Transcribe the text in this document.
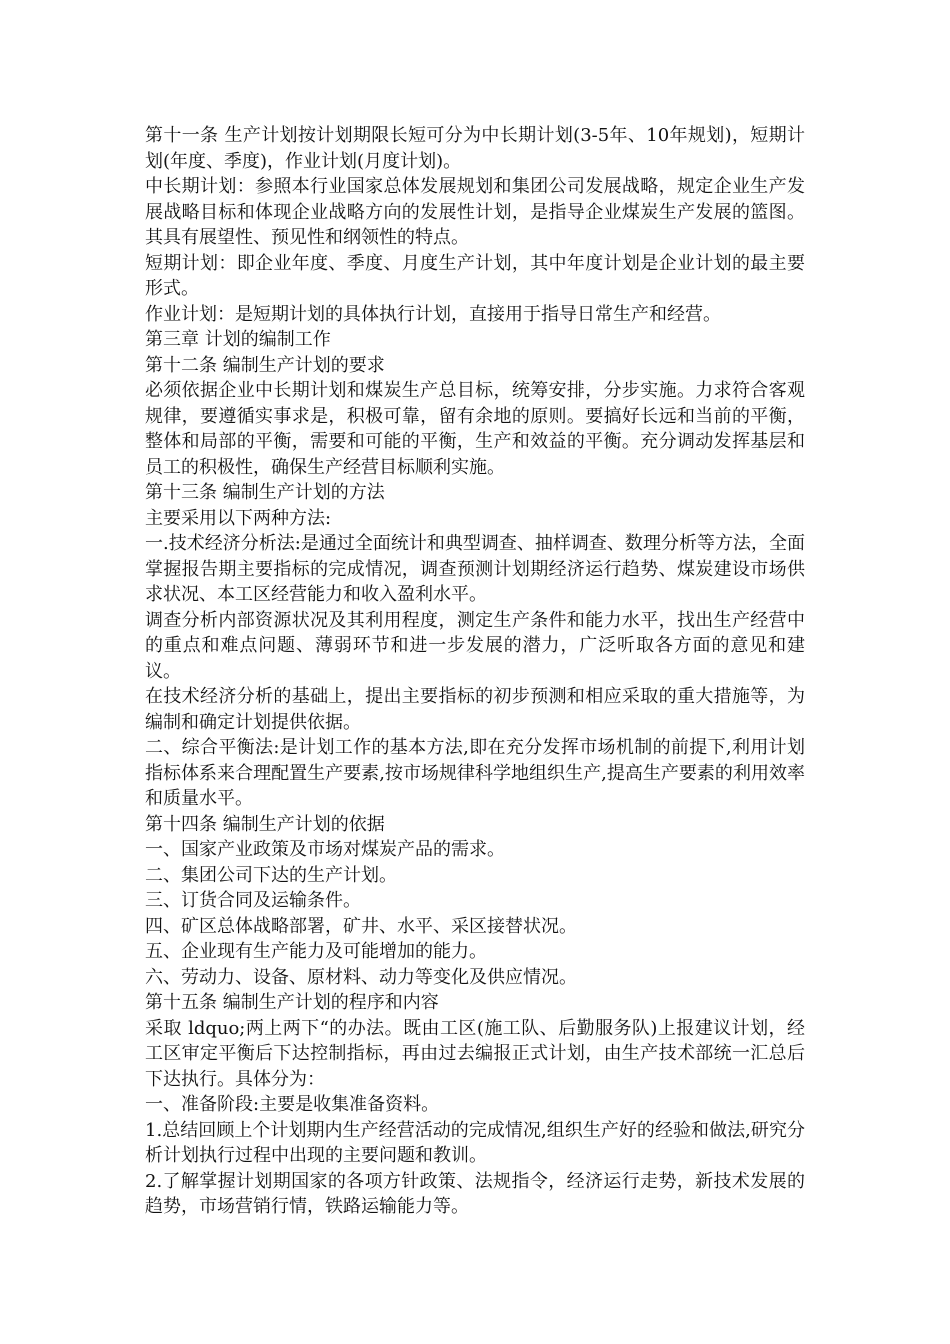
第十一条 生产计划按计划期限长短可分为中长期计划(3-5年、10年规划)，短期计划(年度、季度)，作业计划(月度计划)。

中长期计划：参照本行业国家总体发展规划和集团公司发展战略，规定企业生产发展战略目标和体现企业战略方向的发展性计划，是指导企业煤炭生产发展的篮图。其具有展望性、预见性和纲领性的特点。

短期计划：即企业年度、季度、月度生产计划，其中年度计划是企业计划的最主要形式。

作业计划：是短期计划的具体执行计划，直接用于指导日常生产和经营。

第三章 计划的编制工作

第十二条 编制生产计划的要求

必须依据企业中长期计划和煤炭生产总目标，统筹安排，分步实施。力求符合客观规律，要遵循实事求是，积极可靠，留有余地的原则。要搞好长远和当前的平衡，整体和局部的平衡，需要和可能的平衡，生产和效益的平衡。充分调动发挥基层和员工的积极性，确保生产经营目标顺利实施。

第十三条 编制生产计划的方法

主要采用以下两种方法:

一.技术经济分析法:是通过全面统计和典型调查、抽样调查、数理分析等方法，全面掌握报告期主要指标的完成情况，调查预测计划期经济运行趋势、煤炭建设市场供求状况、本工区经营能力和收入盈利水平。

调查分析内部资源状况及其利用程度，测定生产条件和能力水平，找出生产经营中的重点和难点问题、薄弱环节和进一步发展的潜力，广泛听取各方面的意见和建议。

在技术经济分析的基础上，提出主要指标的初步预测和相应采取的重大措施等，为编制和确定计划提供依据。

二、综合平衡法:是计划工作的基本方法,即在充分发挥市场机制的前提下,利用计划指标体系来合理配置生产要素,按市场规律科学地组织生产,提高生产要素的利用效率和质量水平。

第十四条 编制生产计划的依据

一、国家产业政策及市场对煤炭产品的需求。

二、集团公司下达的生产计划。

三、订货合同及运输条件。

四、矿区总体战略部署，矿井、水平、采区接替状况。

五、企业现有生产能力及可能增加的能力。

六、劳动力、设备、原材料、动力等变化及供应情况。

第十五条 编制生产计划的程序和内容

采取 ldquo;两上两下“的办法。既由工区(施工队、后勤服务队)上报建议计划，经工区审定平衡后下达控制指标，再由过去编报正式计划，由生产技术部统一汇总后下达执行。具体分为：

一、准备阶段:主要是收集准备资料。

1.总结回顾上个计划期内生产经营活动的完成情况,组织生产好的经验和做法,研究分析计划执行过程中出现的主要问题和教训。

2.了解掌握计划期国家的各项方针政策、法规指令，经济运行走势，新技术发展的趋势，市场营销行情，铁路运输能力等。
